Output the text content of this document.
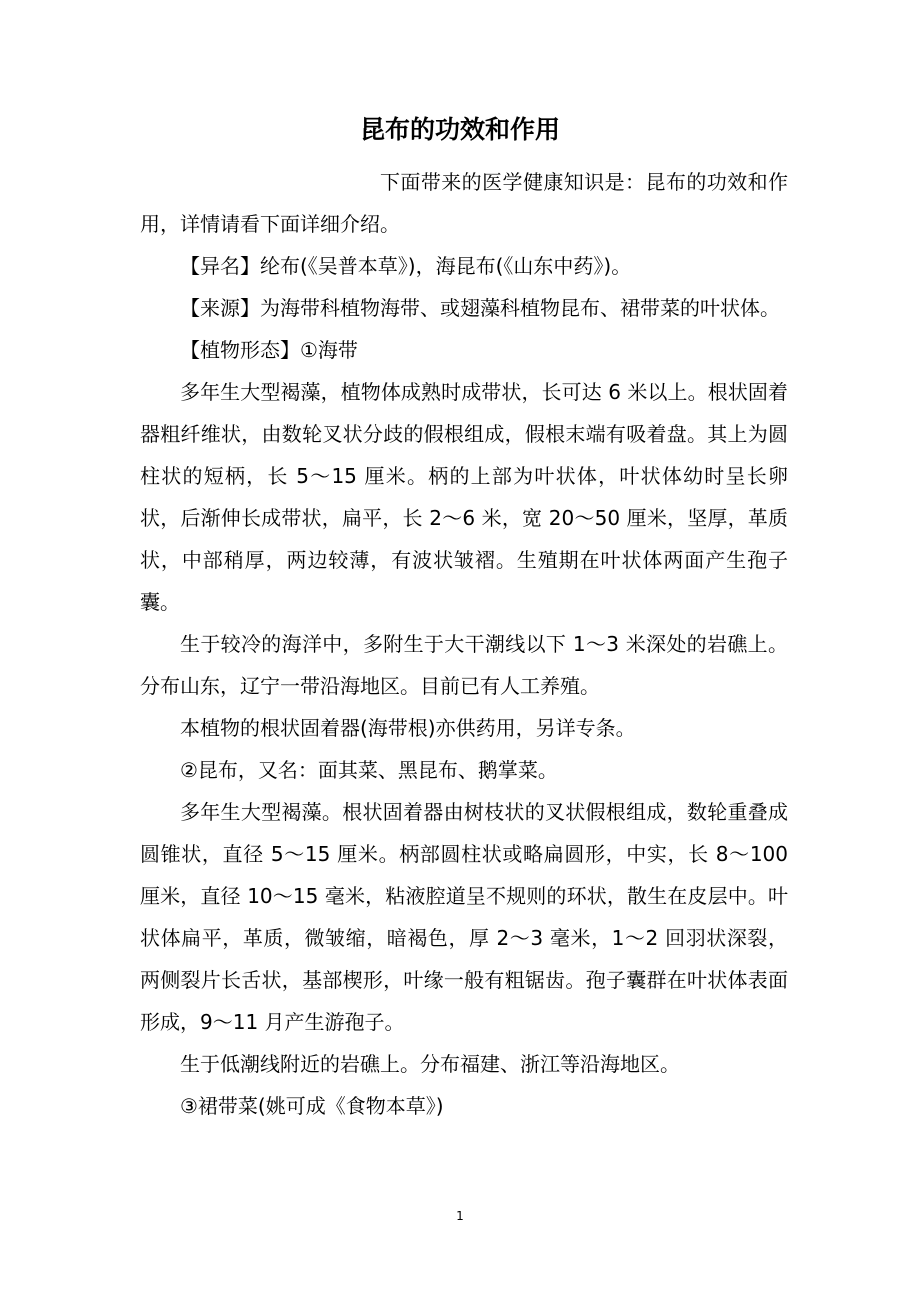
昆布的功效和作用

下面带来的医学健康知识是：昆布的功效和作用，详情请看下面详细介绍。

【异名】纶布(《吴普本草》)，海昆布(《山东中药》)。

【来源】为海带科植物海带、或翅藻科植物昆布、裙带菜的叶状体。

【植物形态】①海带

多年生大型褐藻，植物体成熟时成带状，长可达 6 米以上。根状固着器粗纤维状，由数轮叉状分歧的假根组成，假根末端有吸着盘。其上为圆柱状的短柄，长 5～15 厘米。柄的上部为叶状体，叶状体幼时呈长卵状，后渐伸长成带状，扁平，长 2～6 米，宽 20～50 厘米，坚厚，革质状，中部稍厚，两边较薄，有波状皱褶。生殖期在叶状体两面产生孢子囊。

生于较冷的海洋中，多附生于大干潮线以下 1～3 米深处的岩礁上。分布山东，辽宁一带沿海地区。目前已有人工养殖。

本植物的根状固着器(海带根)亦供药用，另详专条。

②昆布，又名：面其菜、黑昆布、鹅掌菜。

多年生大型褐藻。根状固着器由树枝状的叉状假根组成，数轮重叠成圆锥状，直径 5～15 厘米。柄部圆柱状或略扁圆形，中实，长 8～100 厘米，直径 10～15 毫米，粘液腔道呈不规则的环状，散生在皮层中。叶状体扁平，革质，微皱缩，暗褐色，厚 2～3 毫米，1～2 回羽状深裂，两侧裂片长舌状，基部楔形，叶缘一般有粗锯齿。孢子囊群在叶状体表面形成，9～11 月产生游孢子。

生于低潮线附近的岩礁上。分布福建、浙江等沿海地区。

③裙带菜(姚可成《食物本草》)

1
